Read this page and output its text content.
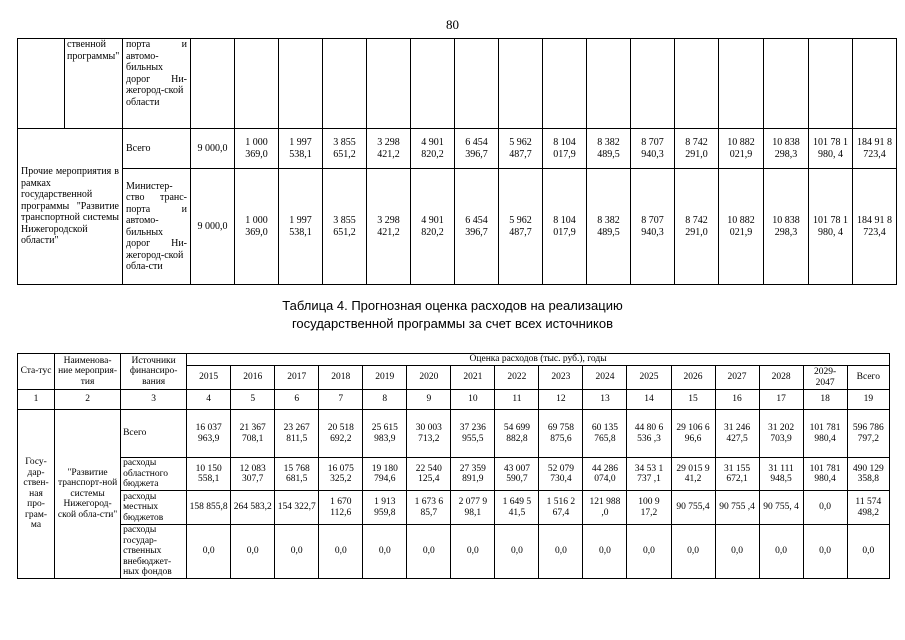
80
	ственной программы"	порта и автомо-бильных дорог Ни-жегород-ской области																
Прочие мероприятия в рамках государственной программы "Развитие транспортной системы Нижегородской области"		Всего	9 000,0	1 000 369,0	1 997 538,1	3 855 651,2	3 298 421,2	4 901 820,2	6 454 396,7	5 962 487,7	8 104 017,9	8 382 489,5	8 707 940,3	8 742 291,0	10 882 021,9	10 838 298,3	101 78 1 980, 4	184 91 8 723,4
		Министер-ство транс-порта и автомо-бильных дорог Ни-жегород-ской обла-сти	9 000,0	1 000 369,0	1 997 538,1	3 855 651,2	3 298 421,2	4 901 820,2	6 454 396,7	5 962 487,7	8 104 017,9	8 382 489,5	8 707 940,3	8 742 291,0	10 882 021,9	10 838 298,3	101 78 1 980, 4	184 91 8 723,4
Таблица 4. Прогнозная оценка расходов на реализацию
государственной программы за счет всех источников
Ста-тус	Наименова-ние мероприя-тия	Источники финансиро-вания	Оценка расходов (тыс. руб.), годы															
			2015	2016	2017	2018	2019	2020	2021	2022	2023	2024	2025	2026	2027	2028	2029-2047	Всего
1	2	3	4	5	6	7	8	9	10	11	12	13	14	15	16	17	18	19
Госу-дар-ствен-ная про-грам-ма	"Развитие транспорт-ной системы Нижегород-ской обла-сти"	Всего	16 037 963,9	21 367 708,1	23 267 811,5	20 518 692,2	25 615 983,9	30 003 713,2	37 236 955,5	54 699 882,8	69 758 875,6	60 135 765,8	44 80 6 536 ,3	29 106 6 96,6	31 246 427,5	31 202 703,9	101 781 980,4	596 786 797,2
		расходы областного бюджета	10 150 558,1	12 083 307,7	15 768 681,5	16 075 325,2	19 180 794,6	22 540 125,4	27 359 891,9	43 007 590,7	52 079 730,4	44 286 074,0	34 53 1 737 ,1	29 015 9 41,2	31 155 672,1	31 111 948,5	101 781 980,4	490 129 358,8
		расходы местных бюджетов	158 855,8	264 583,2	154 322,7	1 670 112,6	1 913 959,8	1 673 6 85,7	2 077 9 98,1	1 649 5 41,5	1 516 2 67,4	121 988 ,0	100 9 17,2	90 755,4	90 755 ,4	90 755, 4	0,0	11 574 498,2
		расходы государ-ственных внебюджет-ных фондов	0,0	0,0	0,0	0,0	0,0	0,0	0,0	0,0	0,0	0,0	0,0	0,0	0,0	0,0	0,0	0,0
